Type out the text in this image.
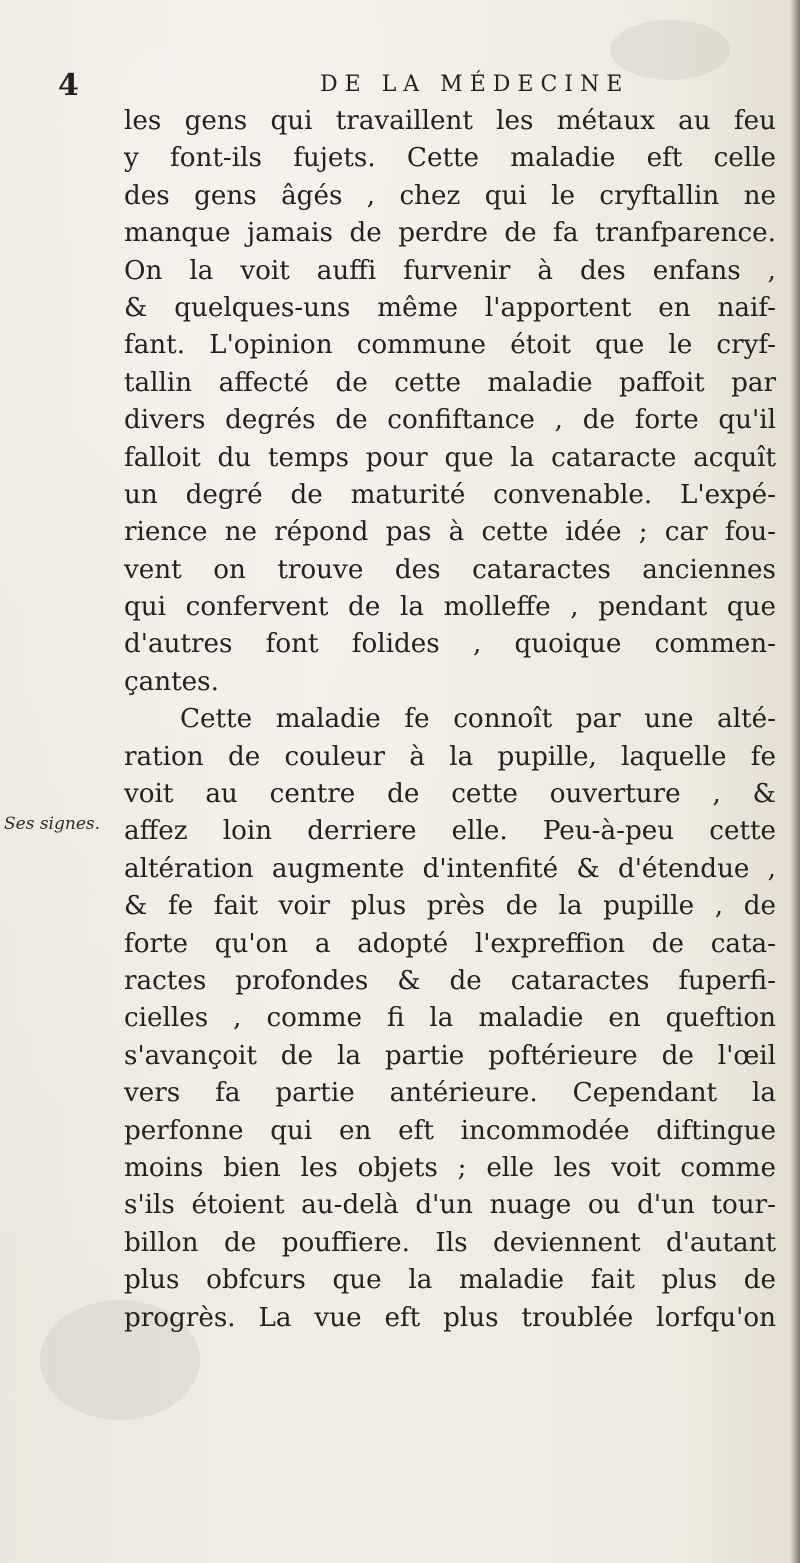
4	DE LA MÉDECINE
Ses signes.
les gens qui travaillent les métaux au feu
y font-ils fujets. Cette maladie eft celle
des gens âgés , chez qui le cryftallin ne
manque jamais de perdre de fa tranfparence.
On la voit auffi furvenir à des enfans ,
& quelques-uns même l'apportent en naif-
fant. L'opinion commune étoit que le cryf-
tallin affecté de cette maladie paffoit par
divers degrés de confiftance , de forte qu'il
falloit du temps pour que la cataracte acquît
un degré de maturité convenable. L'expé-
rience ne répond pas à cette idée ; car fou-
vent on trouve des cataractes anciennes
qui confervent de la molleffe , pendant que
d'autres font folides , quoique commen-
çantes.
Cette maladie fe connoît par une alté-
ration de couleur à la pupille, laquelle fe
voit au centre de cette ouverture , &
affez loin derriere elle. Peu-à-peu cette
altération augmente d'intenfité & d'étendue ,
& fe fait voir plus près de la pupille , de
forte qu'on a adopté l'expreffion de cata-
ractes profondes & de cataractes fuperfi-
cielles , comme fi la maladie en queftion
s'avançoit de la partie poftérieure de l'œil
vers fa partie antérieure. Cependant la
perfonne qui en eft incommodée diftingue
moins bien les objets ; elle les voit comme
s'ils étoient au-delà d'un nuage ou d'un tour-
billon de pouffiere. Ils deviennent d'autant
plus obfcurs que la maladie fait plus de
progrès. La vue eft plus troublée lorfqu'on
